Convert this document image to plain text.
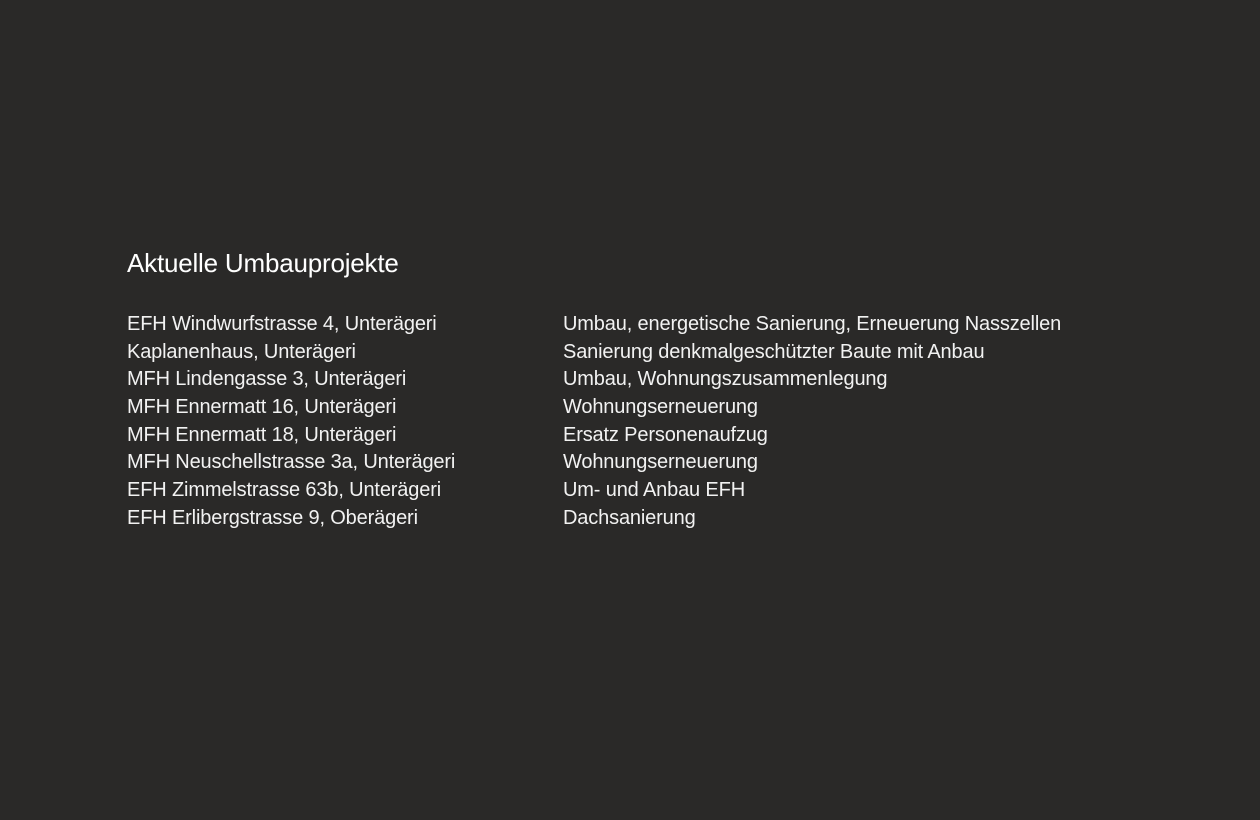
Aktuelle Umbauprojekte
EFH Windwurfstrasse 4, Unterägeri	Umbau, energetische Sanierung, Erneuerung Nasszellen
Kaplanenhaus, Unterägeri	Sanierung denkmalgeschützter Baute mit Anbau
MFH Lindengasse 3, Unterägeri	Umbau, Wohnungszusammenlegung
MFH Ennermatt 16, Unterägeri	Wohnungserneuerung
MFH Ennermatt 18, Unterägeri	Ersatz Personenaufzug
MFH Neuschellstrasse 3a, Unterägeri	Wohnungserneuerung
EFH Zimmelstrasse 63b, Unterägeri	Um- und Anbau EFH
EFH Erlibergstrasse 9, Oberägeri	Dachsanierung
